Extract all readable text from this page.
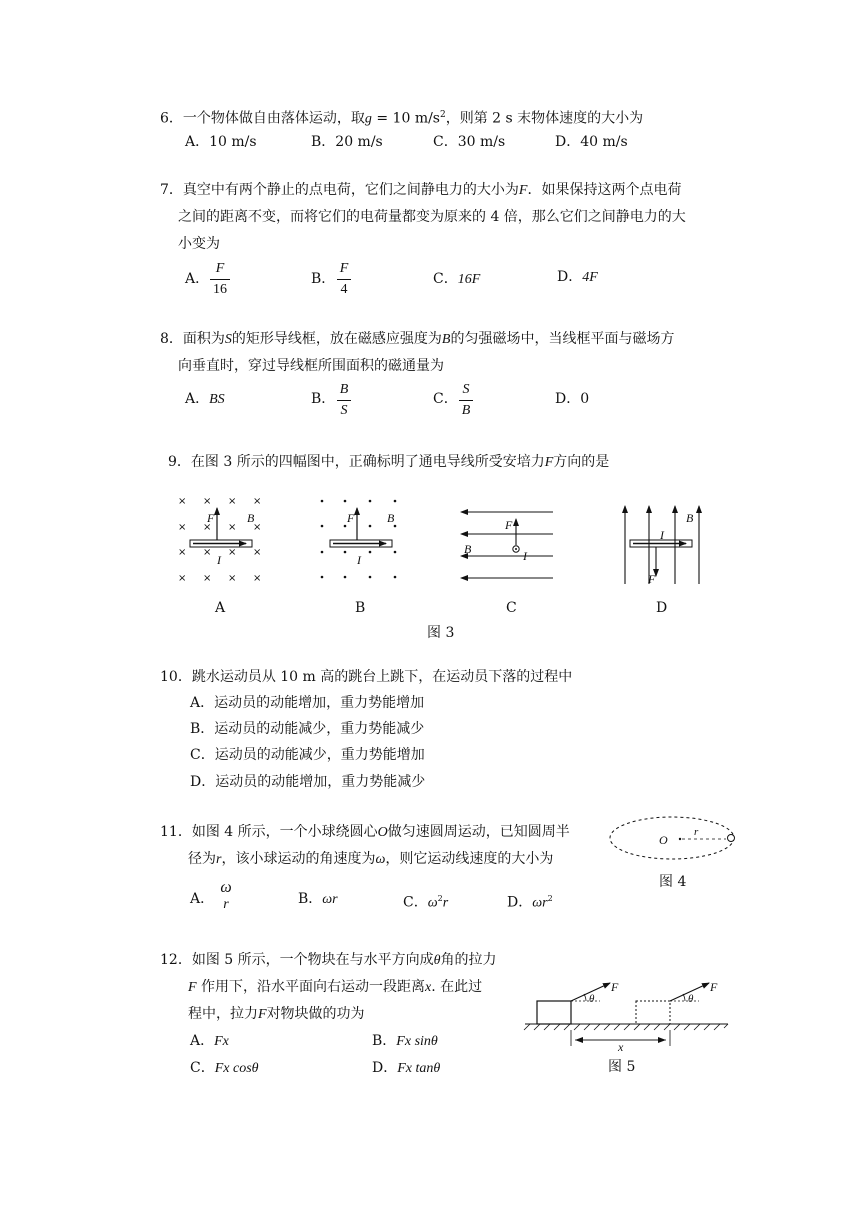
6．一个物体做自由落体运动，取g = 10 $m/s^2$，则第 2 s 末物体速度的大小为
A．10 m/s	B．20 m/s	C．30 m/s	D．40 m/s
7．真空中有两个静止的点电荷，它们之间静电力的大小为F．如果保持这两个点电荷
之间的距离不变，而将它们的电荷量都变为原来的 4 倍，那么它们之间静电力的大
小变为
A．
F
16
B．
F
4
C．16F	D．4F
8．面积为S的矩形导线框，放在磁感应强度为B的匀强磁场中，当线框平面与磁场方
向垂直时，穿过导线框所围面积的磁通量为
A．BS	B．
B
S
C．
S
B
D．0
9．在图 3 所示的四幅图中，正确标明了通电导线所受安培力F方向的是
× × × ×
× × × ×
× × × ×
× × × ×
F	B
I
F	B
I
F
B	I
I
B
F
A	B	C	D
图 3
10．跳水运动员从 10 m 高的跳台上跳下，在运动员下落的过程中
A．运动员的动能增加，重力势能增加
B．运动员的动能减少，重力势能减少
C．运动员的动能减少，重力势能增加
D．运动员的动能增加，重力势能减少
11．如图 4 所示，一个小球绕圆心O做匀速圆周运动，已知圆周半
径为r，该小球运动的角速度为ω，则它运动线速度的大小为
A．
ω
r	B．ωr	C．$\omega^2r$	D．$\omega r^2$
O
r
图 4
12．如图 5 所示，一个物块在与水平方向成θ角的拉力
F 作用下，沿水平面向右运动一段距离x. 在此过
程中，拉力F对物块做的功为
A．Fx	B．Fx sinθ
C．Fx cosθ	D．Fx tanθ
F
θ
F
θ
x
图 5
